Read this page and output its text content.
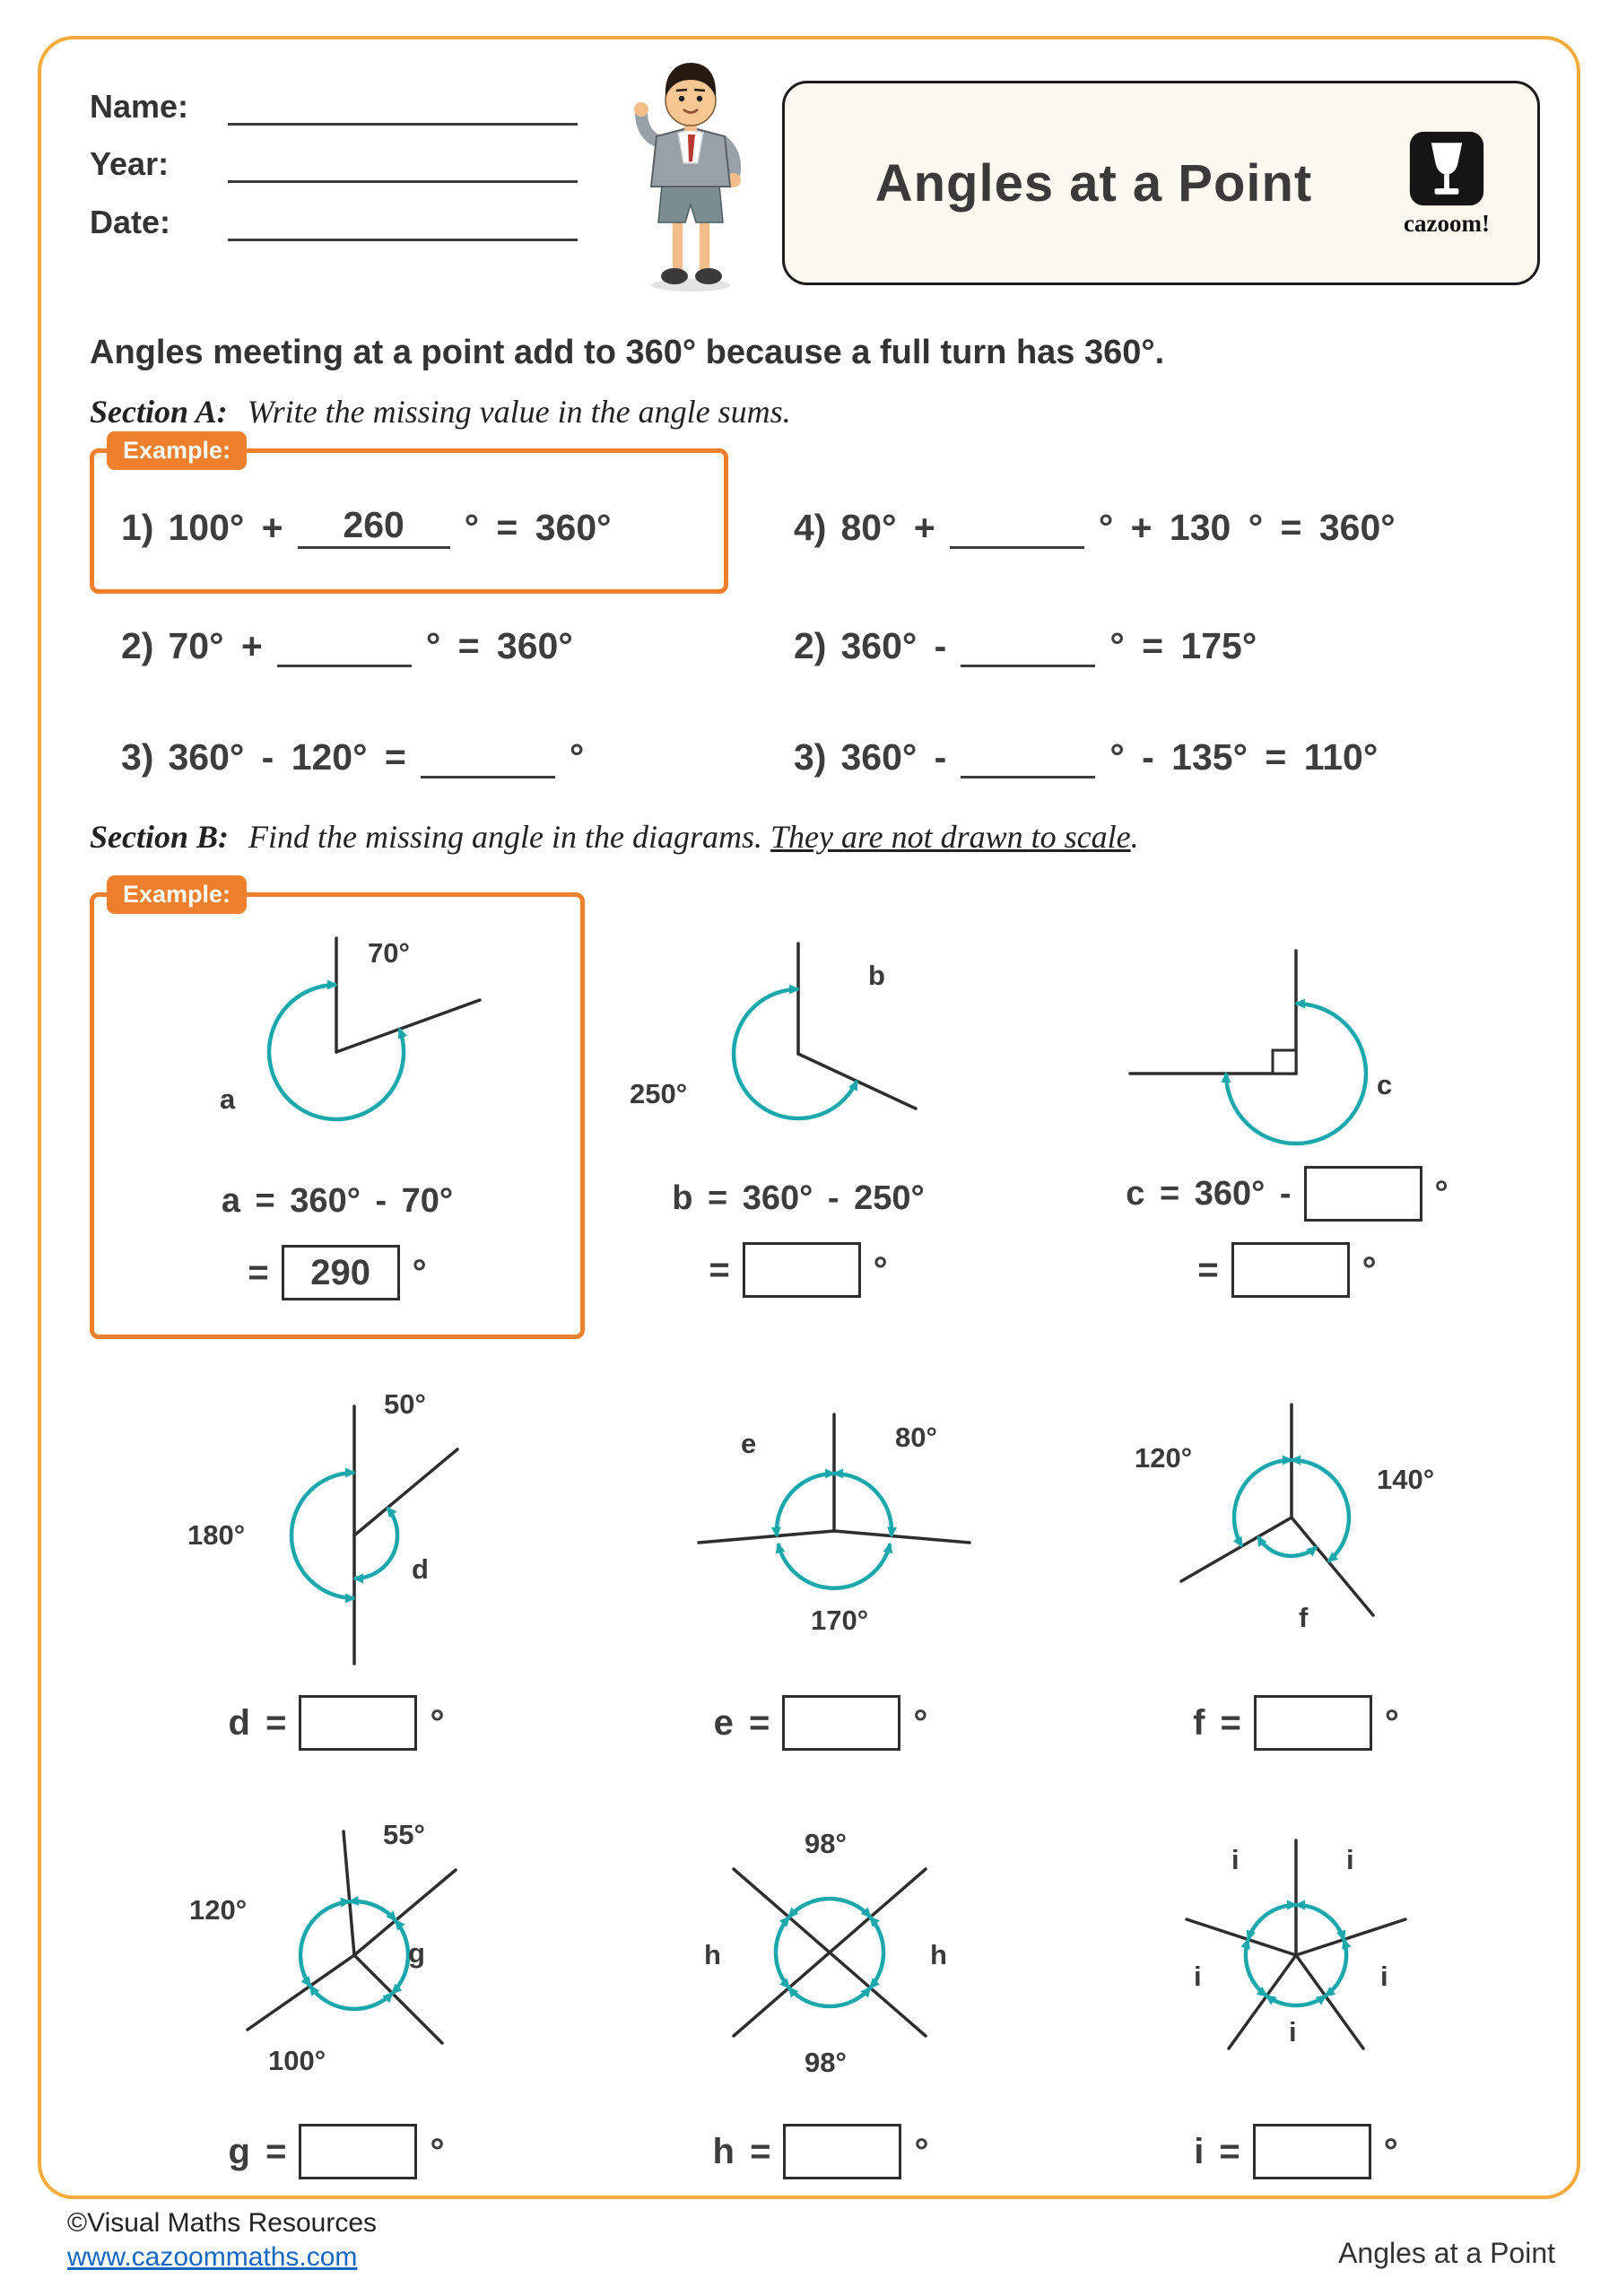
Name:
Year:
Date:
Angles at a Point
cazoom!
Angles meeting at a point add to 360° because a full turn has 360°.
Section A: Write the missing value in the angle sums.
Example:
1) 100° +	260	° = 360°	4) 80° +	° + 130 ° = 360°
2) 70° +	° = 360°	2) 360° -	° = 175°
3) 360° - 120° =	°	3) 360° -	° - 135° = 110°
Section B: Find the missing angle in the diagrams. They are not drawn to scale.
Example:
70°
a
a = 360° - 70°
=	290	°
b
250°
b = 360° - 250°
=	°
c
c = 360° -	°
=	°
50°
180°
d
d =	°
e	80°
170°
e =	°
120°
140°
f
f =	°
55°
120°
100°
g
g =	°
98°
h	h
98°
h =	°
i	i
i	i
i
i =	°
©Visual Maths Resources
www.cazoommaths.com	Angles at a Point
